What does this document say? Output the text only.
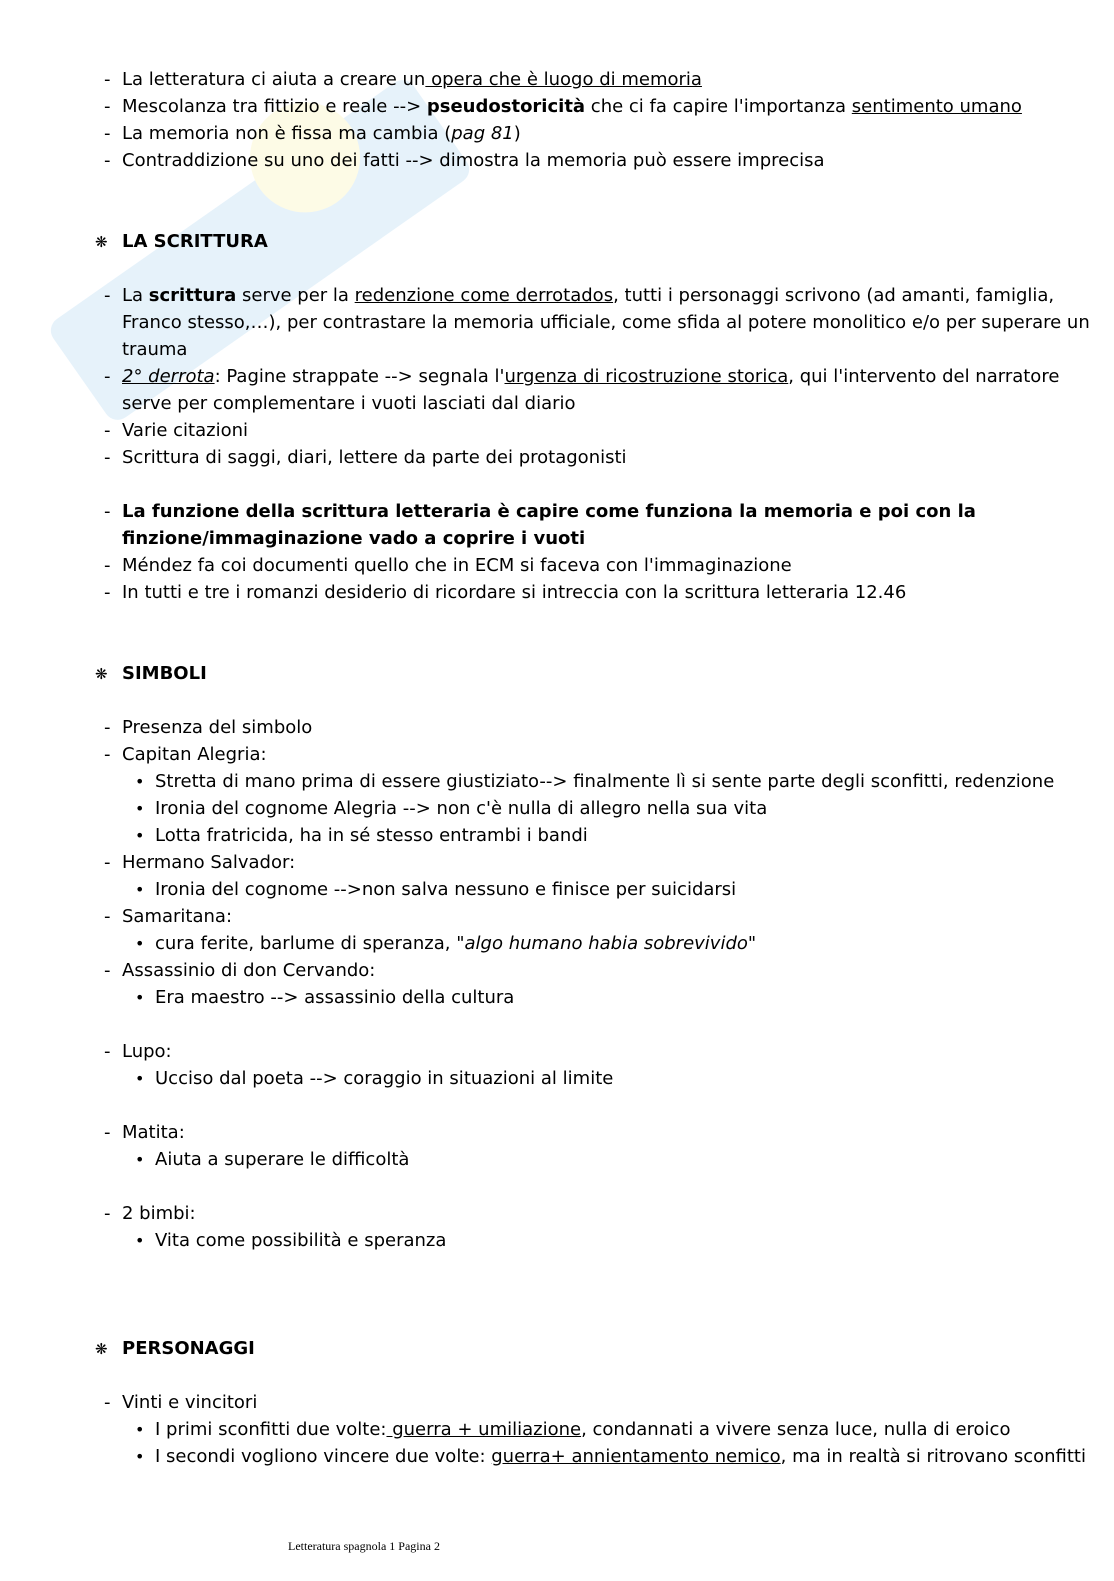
- La letteratura ci aiuta a creare un opera che è luogo di memoria
- Mescolanza tra fittizio e reale --> pseudostoricità che ci fa capire l'importanza sentimento umano
- La memoria non è fissa ma cambia (pag 81)
- Contraddizione su uno dei fatti --> dimostra la memoria può essere imprecisa
❋ LA SCRITTURA
- La scrittura serve per la redenzione come derrotados, tutti i personaggi scrivono (ad amanti, famiglia,
Franco stesso,…), per contrastare la memoria ufficiale, come sfida al potere monolitico e/o per superare un
trauma
- 2° derrota: Pagine strappate --> segnala l'urgenza di ricostruzione storica, qui l'intervento del narratore
serve per complementare i vuoti lasciati dal diario
- Varie citazioni
- Scrittura di saggi, diari, lettere da parte dei protagonisti
- La funzione della scrittura letteraria è capire come funziona la memoria e poi con la
finzione/immaginazione vado a coprire i vuoti
- Méndez fa coi documenti quello che in ECM si faceva con l'immaginazione
- In tutti e tre i romanzi desiderio di ricordare si intreccia con la scrittura letteraria 12.46
❋ SIMBOLI
- Presenza del simbolo
- Capitan Alegria:
• Stretta di mano prima di essere giustiziato--> finalmente lì si sente parte degli sconfitti, redenzione
• Ironia del cognome Alegria --> non c'è nulla di allegro nella sua vita
• Lotta fratricida, ha in sé stesso entrambi i bandi
- Hermano Salvador:
• Ironia del cognome -->non salva nessuno e finisce per suicidarsi
- Samaritana:
• cura ferite, barlume di speranza, "algo humano habia sobrevivido"
- Assassinio di don Cervando:
• Era maestro --> assassinio della cultura
- Lupo:
• Ucciso dal poeta --> coraggio in situazioni al limite
- Matita:
• Aiuta a superare le difficoltà
- 2 bimbi:
• Vita come possibilità e speranza
❋ PERSONAGGI
- Vinti e vincitori
• I primi sconfitti due volte: guerra + umiliazione, condannati a vivere senza luce, nulla di eroico
• I secondi vogliono vincere due volte: guerra+ annientamento nemico, ma in realtà si ritrovano sconfitti
Letteratura spagnola 1 Pagina 2
